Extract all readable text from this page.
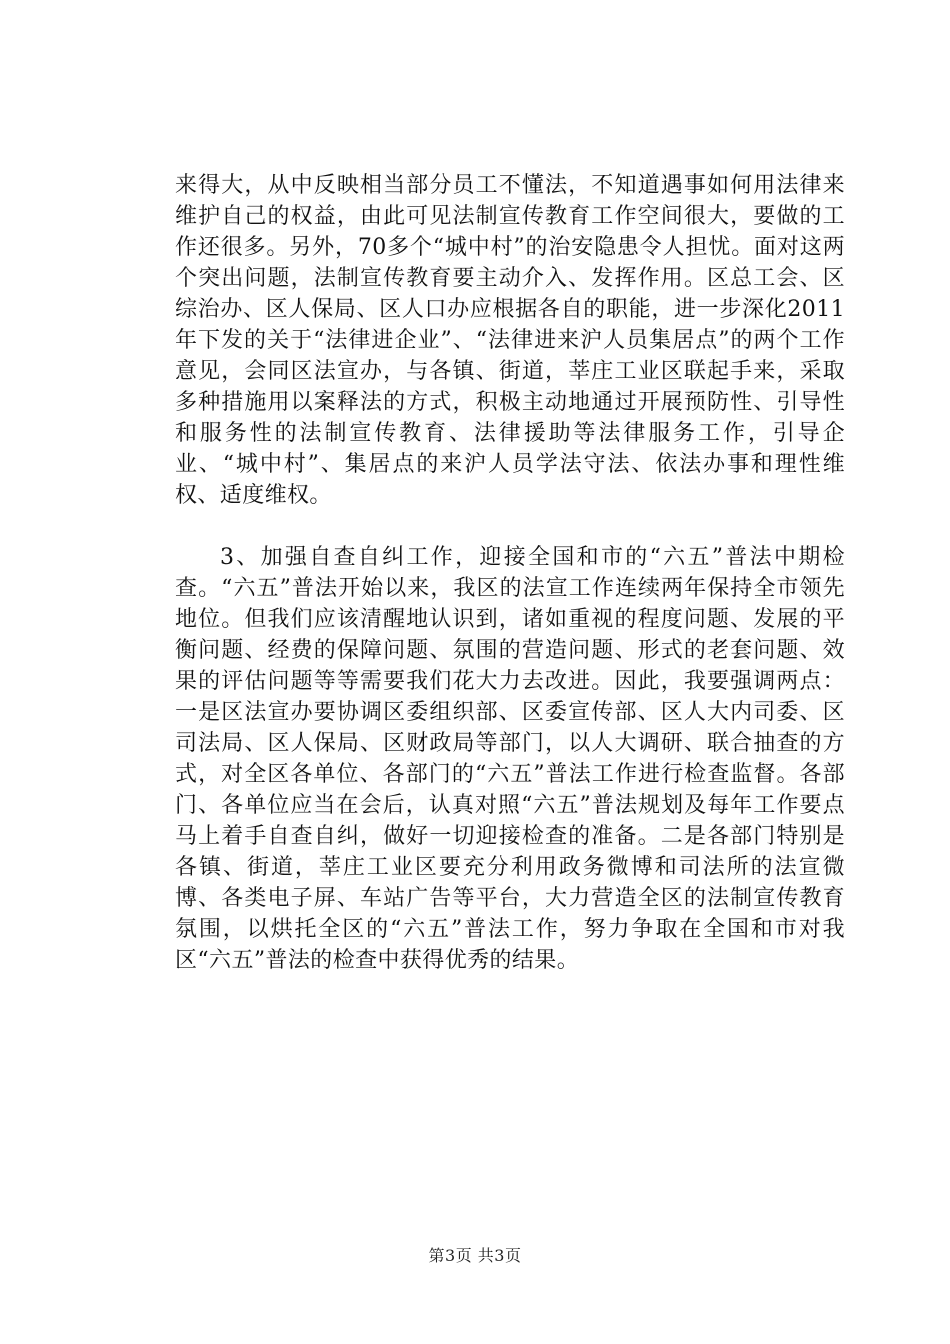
来得大，从中反映相当部分员工不懂法，不知道遇事如何用法律来维护自己的权益，由此可见法制宣传教育工作空间很大，要做的工作还很多。另外，70多个“城中村”的治安隐患令人担忧。面对这两个突出问题，法制宣传教育要主动介入、发挥作用。区总工会、区综治办、区人保局、区人口办应根据各自的职能，进一步深化2011年下发的关于“法律进企业”、“法律进来沪人员集居点”的两个工作意见，会同区法宣办，与各镇、街道，莘庄工业区联起手来，采取多种措施用以案释法的方式，积极主动地通过开展预防性、引导性和服务性的法制宣传教育、法律援助等法律服务工作，引导企业、“城中村”、集居点的来沪人员学法守法、依法办事和理性维权、适度维权。

3、加强自查自纠工作，迎接全国和市的“六五”普法中期检查。“六五”普法开始以来，我区的法宣工作连续两年保持全市领先地位。但我们应该清醒地认识到，诸如重视的程度问题、发展的平衡问题、经费的保障问题、氛围的营造问题、形式的老套问题、效果的评估问题等等需要我们花大力去改进。因此，我要强调两点：一是区法宣办要协调区委组织部、区委宣传部、区人大内司委、区司法局、区人保局、区财政局等部门，以人大调研、联合抽查的方式，对全区各单位、各部门的“六五”普法工作进行检查监督。各部门、各单位应当在会后，认真对照“六五”普法规划及每年工作要点马上着手自查自纠，做好一切迎接检查的准备。二是各部门特别是各镇、街道，莘庄工业区要充分利用政务微博和司法所的法宣微博、各类电子屏、车站广告等平台，大力营造全区的法制宣传教育氛围，以烘托全区的“六五”普法工作，努力争取在全国和市对我区“六五”普法的检查中获得优秀的结果。

第3页 共3页
